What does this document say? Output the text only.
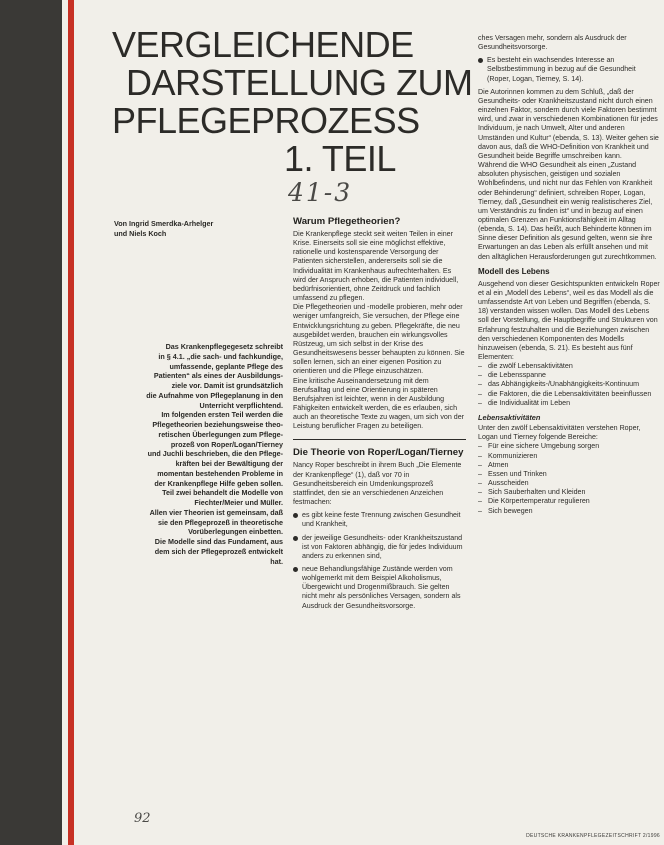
VERGLEICHENDE
DARSTELLUNG ZUM
PFLEGEPROZESS
1. TEIL
41-3
Von Ingrid Smerdka-Arhelger
und Niels Koch

Das Krankenpflegegesetz schreibt

in § 4.1. „die sach- und fachkundige,

umfassende, geplante Pflege des

Patienten“ als eines der Ausbildungs-

ziele vor. Damit ist grundsätzlich

die Aufnahme von Pflegeplanung in den

Unterricht verpflichtend.

Im folgenden ersten Teil werden die

Pflegetheorien beziehungsweise theo-

retischen Überlegungen zum Pflege-

prozeß von Roper/Logan/Tierney

und Juchli beschrieben, die den Pflege-

kräften bei der Bewältigung der

momentan bestehenden Probleme in

der Krankenpflege Hilfe geben sollen.

Teil zwei behandelt die Modelle von

Fiechter/Meier und Müller.

Allen vier Theorien ist gemeinsam, daß

sie den Pflegeprozeß in theoretische

Vorüberlegungen einbetten.

Die Modelle sind das Fundament, aus

dem sich der Pflegeprozeß entwickelt

hat.

Warum Pflegetheorien?

Die Krankenpflege steckt seit weiten Teilen in einer Krise. Einerseits soll sie eine möglichst effektive, rationelle und kostensparende Versorgung der Patienten sicherstellen, andererseits soll sie die Individualität im Krankenhaus aufrechterhalten. Es wird der Anspruch erhoben, die Patienten individuell, bedürfnisorientiert, ohne Zeitdruck und fachlich umfassend zu pflegen.

Die Pflegetheorien und -modelle probieren, mehr oder weniger umfangreich, Sie versuchen, der Pflege eine Entwicklungsrichtung zu geben. Pflegekräfte, die neu ausgebildet werden, brauchen ein wirkungsvolles Rüstzeug, um sich selbst in der Krise des Gesundheitswesens besser behaupten zu können. Sie sollen lernen, sich an einer eigenen Position zu orientieren und die Pflege einzuschätzen.

Eine kritische Auseinandersetzung mit dem Berufsalltag und eine Orientierung in späteren Berufsjahren ist leichter, wenn in der Ausbildung Fähigkeiten entwickelt werden, die es erlauben, sich auch an theoretische Texte zu wagen, um sich von der Leistung beruflicher Fragen zu beteiligen.

Die Theorie von Roper/Logan/Tierney

Nancy Roper beschreibt in ihrem Buch „Die Elemente der Krankenpflege“ (1), daß vor 70 in Gesundheitsbereich ein Umdenkungsprozeß stattfindet, den sie an verschiedenen Anzeichen festmachen:

es gibt keine feste Trennung zwischen Gesundheit und Krankheit,

der jeweilige Gesundheits- oder Krankheitszustand ist von Faktoren abhängig, die für jedes Individuum anders zu erkennen sind,

neue Behandlungsfähige Zustände werden vom wohlgemerkt mit dem Beispiel Alkoholismus, Übergewicht und Drogenmißbrauch. Sie gelten nicht mehr als persönliches Versagen, sondern als Ausdruck der Gesundheitsvorsorge.

ches Versagen mehr, sondern als Ausdruck der Gesundheitsvorsorge.

Es besteht ein wachsendes Interesse an Selbstbestimmung in bezug auf die Gesundheit (Roper, Logan, Tierney, S. 14).

Die Autorinnen kommen zu dem Schluß, „daß der Gesundheits- oder Krankheitszustand nicht durch einen einzelnen Faktor, sondern durch viele Faktoren bestimmt wird, und zwar in verschiedenen Kombinationen für jedes Individuum, je nach Umwelt, Alter und anderen Umständen und Kultur“ (ebenda, S. 13). Weiter gehen sie davon aus, daß die WHO-Definition von Krankheit und Gesundheit beide Begriffe umschreiben kann.

Während die WHO Gesundheit als einen „Zustand absoluten physischen, geistigen und sozialen Wohlbefindens, und nicht nur das Fehlen von Krankheit oder Behinderung“ definiert, schreiben Roper, Logan, Tierney, daß „Gesundheit ein wenig realistischeres Ziel, um Verständnis zu finden ist“ und in bezug auf einen optimalen Grenzen an Funktionsfähigkeit im Alltag (ebenda, S. 14). Das heißt, auch Behinderte können im Sinne dieser Definition als gesund gelten, wenn sie ihre Erwartungen an das Leben als erfüllt ansehen und mit den alltäglichen Herausforderungen gut zurechtkommen.

Modell des Lebens

Ausgehend von dieser Gesichtspunkten entwickeln Roper et al ein „Modell des Lebens“, weil es das Modell als die umfassendste Art von Leben und Begriffen (ebenda, S. 18) verstanden wissen wollen. Das Modell des Lebens soll der Vorstellung, die Hauptbegriffe und Strukturen von Erfahrung festzuhalten und die Beziehungen zwischen den verschiedenen Komponenten des Modells hinzuweisen (ebenda, S. 21). Es besteht aus fünf Elementen:

– die zwölf Lebensaktivitäten

– die Lebensspanne

– das Abhängigkeits-/Unabhängigkeits-Kontinuum

– die Faktoren, die die Lebensaktivitäten beeinflussen

– die Individualität im Leben

Lebensaktivitäten

Unter den zwölf Lebensaktivitäten verstehen Roper, Logan und Tierney folgende Bereiche:

– Für eine sichere Umgebung sorgen

– Kommunizieren

– Atmen

– Essen und Trinken

– Ausscheiden

– Sich Sauberhalten und Kleiden

– Die Körpertemperatur regulieren

– Sich bewegen

92
DEUTSCHE KRANKENPFLEGEZEITSCHRIFT 2/1996
